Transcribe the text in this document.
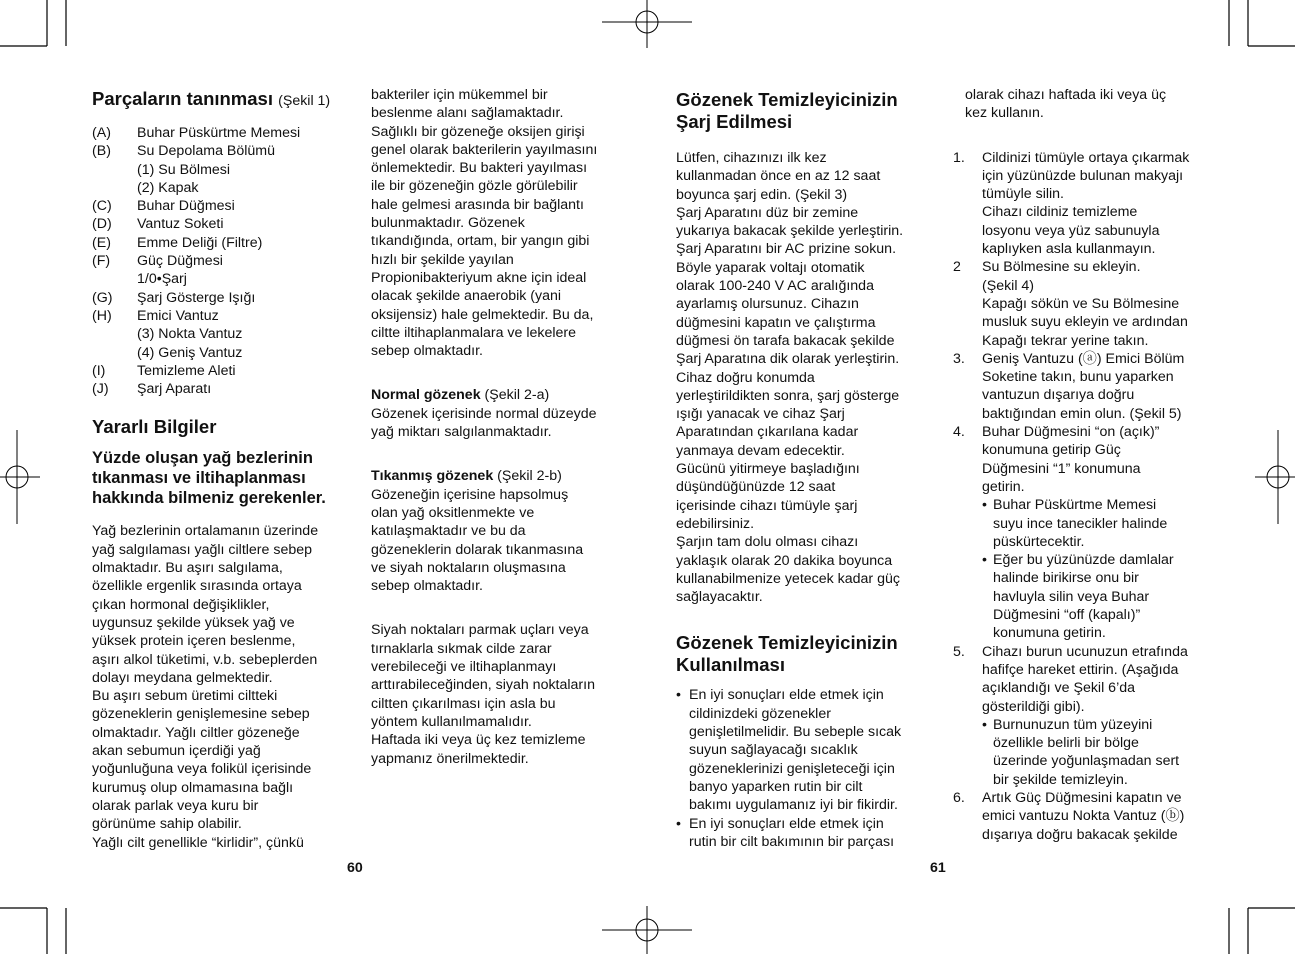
Parçaların tanınması (Şekil 1)
(A)	Buhar Püskürtme Memesi
(B)	Su Depolama Bölümü
(1) Su Bölmesi
(2) Kapak
(C)	Buhar Düğmesi
(D)	Vantuz Soketi
(E)	Emme Deliği (Filtre)
(F)	Güç Düğmesi
1/0•Şarj
(G)	Şarj Gösterge Işığı
(H)	Emici Vantuz
(3) Nokta Vantuz
(4) Geniş Vantuz
(I)	Temizleme Aleti
(J)	Şarj Aparatı
Yararlı Bilgiler
Yüzde oluşan yağ bezlerinin tıkanması ve iltihaplanması hakkında bilmeniz gerekenler.
Yağ bezlerinin ortalamanın üzerinde
yağ salgılaması yağlı ciltlere sebep
olmaktadır. Bu aşırı salgılama,
özellikle ergenlik sırasında ortaya
çıkan hormonal değişiklikler,
uygunsuz şekilde yüksek yağ ve
yüksek protein içeren beslenme,
aşırı alkol tüketimi, v.b. sebeplerden
dolayı meydana gelmektedir.
Bu aşırı sebum üretimi ciltteki
gözeneklerin genişlemesine sebep
olmaktadır. Yağlı ciltler gözeneğe
akan sebumun içerdiği yağ
yoğunluğuna veya folikül içerisinde
kurumuş olup olmamasına bağlı
olarak parlak veya kuru bir
görünüme sahip olabilir.
Yağlı cilt genellikle “kirlidir”, çünkü
bakteriler için mükemmel bir
beslenme alanı sağlamaktadır.
Sağlıklı bir gözeneğe oksijen girişi
genel olarak bakterilerin yayılmasını
önlemektedir. Bu bakteri yayılması
ile bir gözeneğin gözle görülebilir
hale gelmesi arasında bir bağlantı
bulunmaktadır. Gözenek
tıkandığında, ortam, bir yangın gibi
hızlı bir şekilde yayılan
Propionibakteriyum akne için ideal
olacak şekilde anaerobik (yani
oksijensiz) hale gelmektedir. Bu da,
ciltte iltihaplanmalara ve lekelere
sebep olmaktadır.

Normal gözenek (Şekil 2-a)

Gözenek içerisinde normal düzeyde
yağ miktarı salgılanmaktadır.

Tıkanmış gözenek (Şekil 2-b)

Gözeneğin içerisine hapsolmuş
olan yağ oksitlenmekte ve
katılaşmaktadır ve bu da
gözeneklerin dolarak tıkanmasına
ve siyah noktaların oluşmasına
sebep olmaktadır.
Siyah noktaları parmak uçları veya
tırnaklarla sıkmak cilde zarar
verebileceği ve iltihaplanmayı
arttırabileceğinden, siyah noktaların
ciltten çıkarılması için asla bu
yöntem kullanılmamalıdır.
Haftada iki veya üç kez temizleme
yapmanız önerilmektedir.
60
Gözenek Temizleyicinizin
Şarj Edilmesi
Lütfen, cihazınızı ilk kez
kullanmadan önce en az 12 saat
boyunca şarj edin. (Şekil 3)
Şarj Aparatını düz bir zemine
yukarıya bakacak şekilde yerleştirin.
Şarj Aparatını bir AC prizine sokun.
Böyle yaparak voltajı otomatik
olarak 100-240 V AC aralığında
ayarlamış olursunuz. Cihazın
düğmesini kapatın ve çalıştırma
düğmesi ön tarafa bakacak şekilde
Şarj Aparatına dik olarak yerleştirin.
Cihaz doğru konumda
yerleştirildikten sonra, şarj gösterge
ışığı yanacak ve cihaz Şarj
Aparatından çıkarılana kadar
yanmaya devam edecektir.
Gücünü yitirmeye başladığını
düşündüğünüzde 12 saat
içerisinde cihazı tümüyle şarj
edebilirsiniz.
Şarjın tam dolu olması cihazı
yaklaşık olarak 20 dakika boyunca
kullanabilmenize yetecek kadar güç
sağlayacaktır.
Gözenek Temizleyicinizin
Kullanılması
• En iyi sonuçları elde etmek için
cildinizdeki gözenekler
genişletilmelidir. Bu sebeple sıcak
suyun sağlayacağı sıcaklık
gözeneklerinizi genişleteceği için
banyo yaparken rutin bir cilt
bakımı uygulamanız iyi bir fikirdir.
• En iyi sonuçları elde etmek için
rutin bir cilt bakımının bir parçası
olarak cihazı haftada iki veya üç
kez kullanın.
1.	Cildinizi tümüyle ortaya çıkarmak
için yüzünüzde bulunan makyajı
tümüyle silin.
Cihazı cildiniz temizleme
losyonu veya yüz sabunuyla
kaplıyken asla kullanmayın.
2	Su Bölmesine su ekleyin.
(Şekil 4)
Kapağı sökün ve Su Bölmesine
musluk suyu ekleyin ve ardından
Kapağı tekrar yerine takın.
3.	Geniş Vantuzu (ⓐ) Emici Bölüm
Soketine takın, bunu yaparken
vantuzun dışarıya doğru
baktığından emin olun. (Şekil 5)
4.	Buhar Düğmesini “on (açık)”
konumuna getirip Güç
Düğmesini “1” konumuna
getirin.
• Buhar Püskürtme Memesi
suyu ince tanecikler halinde
püskürtecektir.
• Eğer bu yüzünüzde damlalar
halinde birikirse onu bir
havluyla silin veya Buhar
Düğmesini “off (kapalı)”
konumuna getirin.
5.	Cihazı burun ucunuzun etrafında
hafifçe hareket ettirin. (Aşağıda
açıklandığı ve Şekil 6’da
gösterildiği gibi).
• Burnunuzun tüm yüzeyini
özellikle belirli bir bölge
üzerinde yoğunlaşmadan sert
bir şekilde temizleyin.
6.	Artık Güç Düğmesini kapatın ve
emici vantuzu Nokta Vantuz (ⓑ)
dışarıya doğru bakacak şekilde
61
